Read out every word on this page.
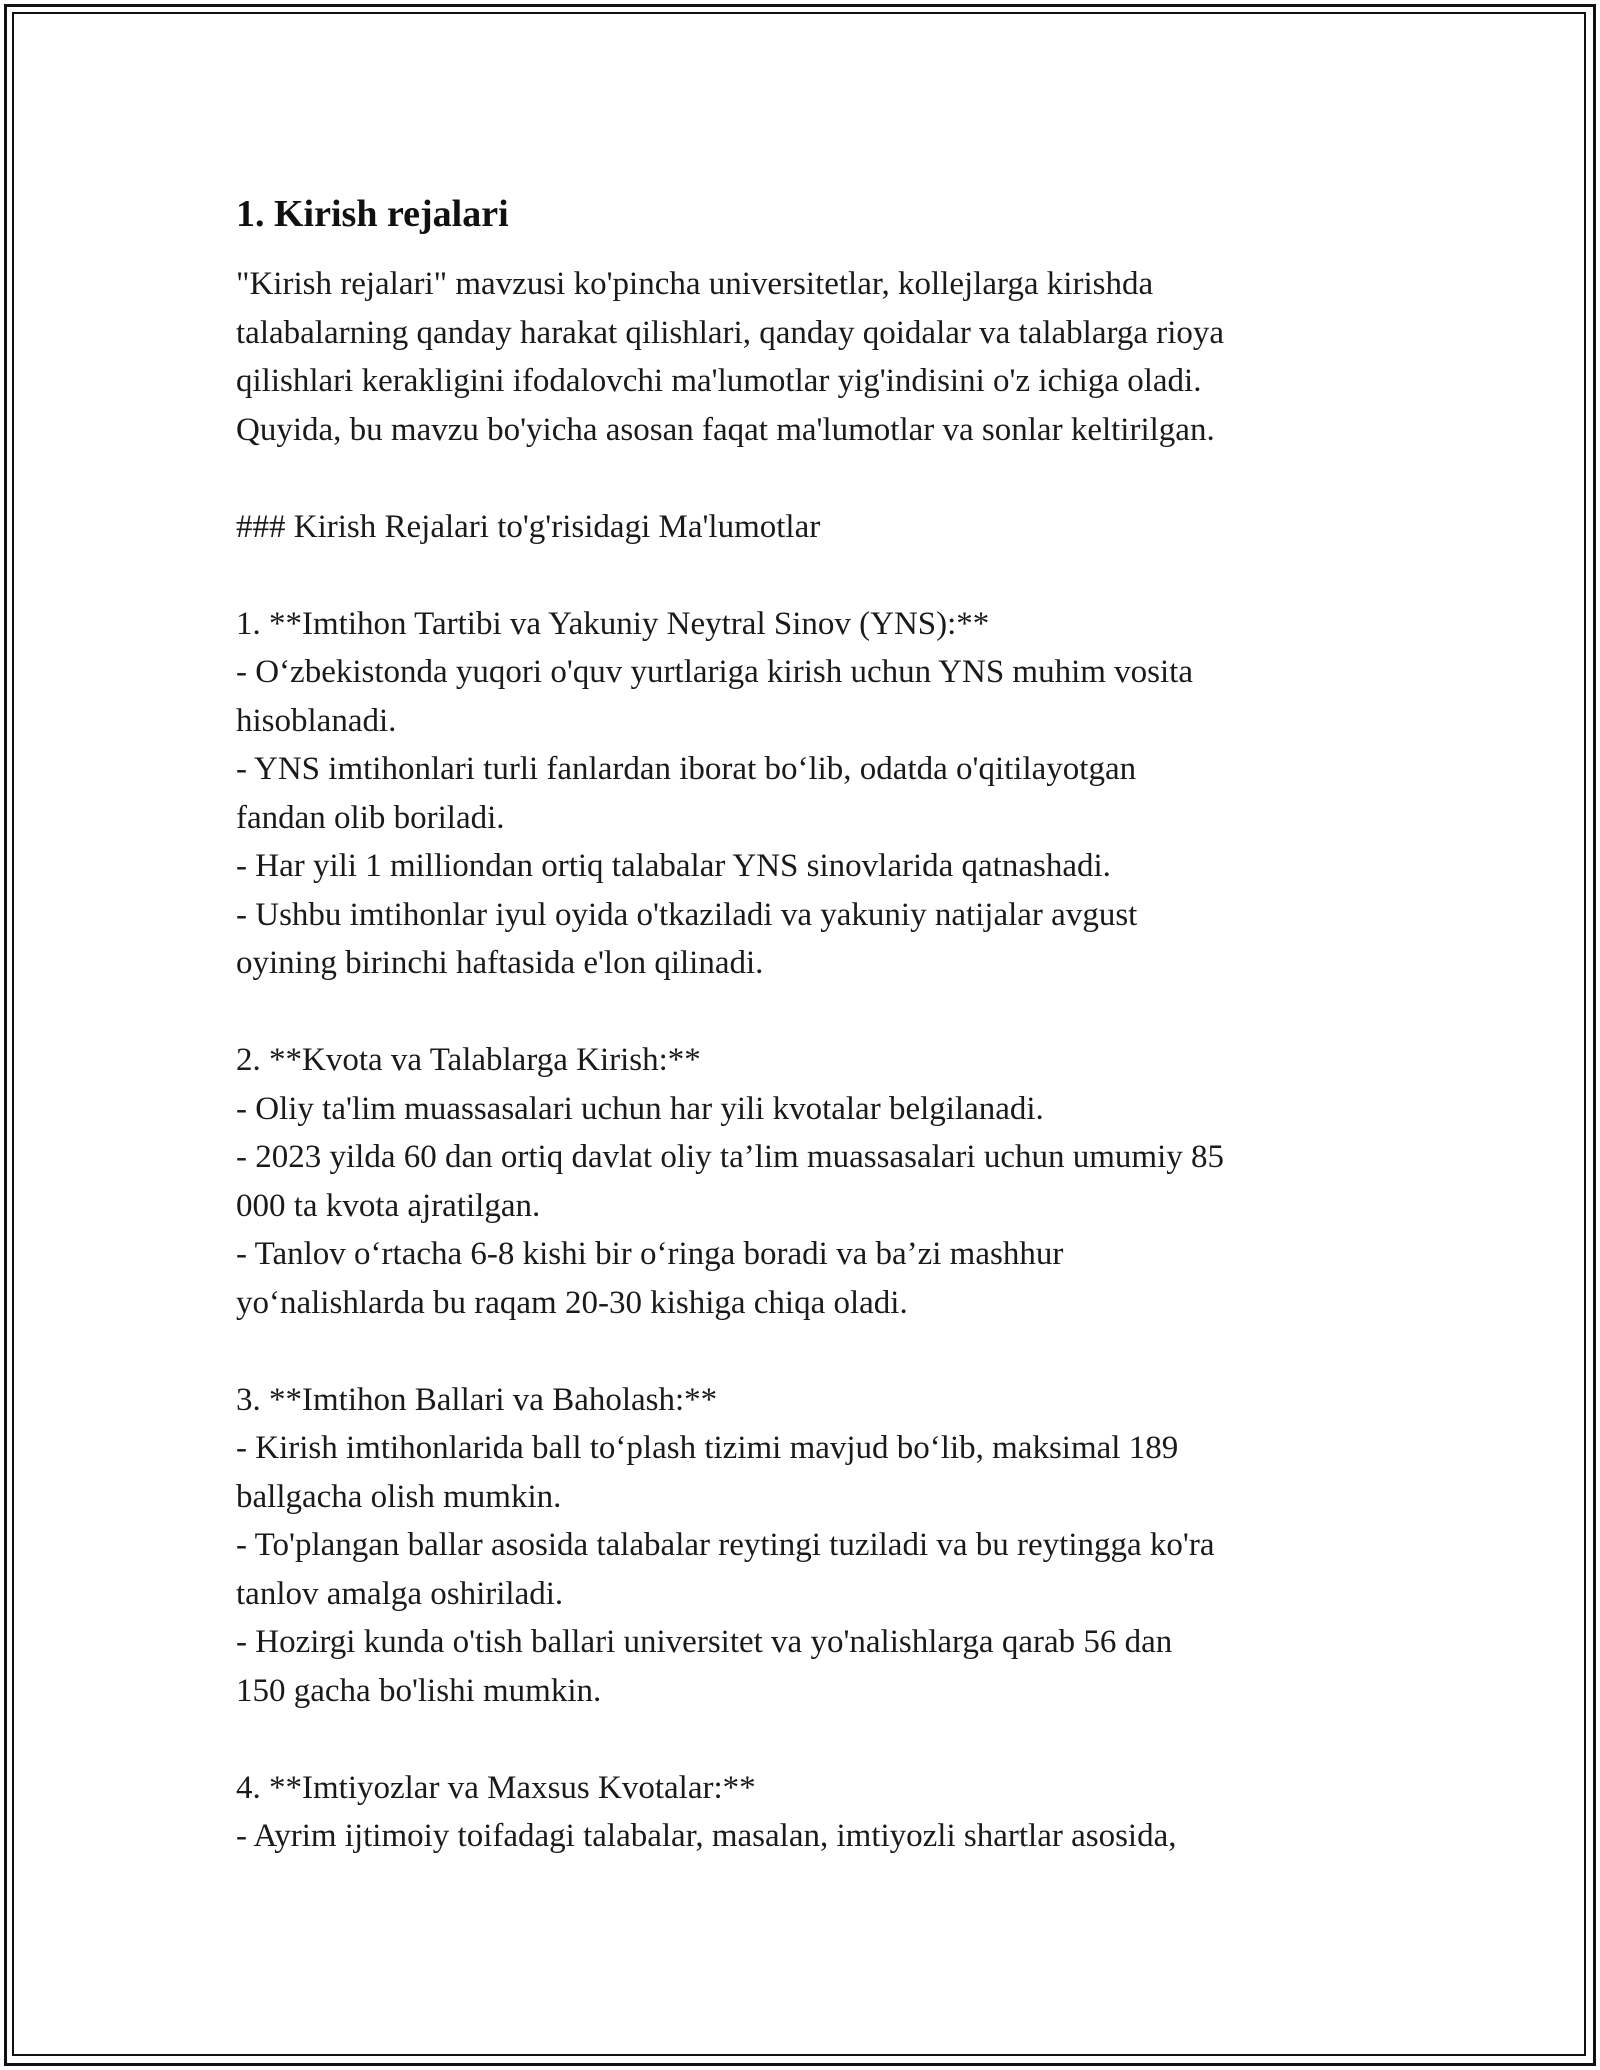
1. Kirish rejalari

"Kirish rejalari" mavzusi ko'pincha universitetlar, kollejlarga kirishda
talabalarning qanday harakat qilishlari, qanday qoidalar va talablarga rioya
qilishlari kerakligini ifodalovchi ma'lumotlar yig'indisini o'z ichiga oladi.
Quyida, bu mavzu bo'yicha asosan faqat ma'lumotlar va sonlar keltirilgan.

### Kirish Rejalari to'g'risidagi Ma'lumotlar

1. **Imtihon Tartibi va Yakuniy Neytral Sinov (YNS):**
- O‘zbekistonda yuqori o'quv yurtlariga kirish uchun YNS muhim vosita
hisoblanadi.
- YNS imtihonlari turli fanlardan iborat bo‘lib, odatda o'qitilayotgan
fandan olib boriladi.
- Har yili 1 milliondan ortiq talabalar YNS sinovlarida qatnashadi.
- Ushbu imtihonlar iyul oyida o'tkaziladi va yakuniy natijalar avgust
oyining birinchi haftasida e'lon qilinadi.

2. **Kvota va Talablarga Kirish:**
- Oliy ta'lim muassasalari uchun har yili kvotalar belgilanadi.
- 2023 yilda 60 dan ortiq davlat oliy ta’lim muassasalari uchun umumiy 85
000 ta kvota ajratilgan.
- Tanlov o‘rtacha 6-8 kishi bir o‘ringa boradi va ba’zi mashhur
yo‘nalishlarda bu raqam 20-30 kishiga chiqa oladi.

3. **Imtihon Ballari va Baholash:**
- Kirish imtihonlarida ball to‘plash tizimi mavjud bo‘lib, maksimal 189
ballgacha olish mumkin.
- To'plangan ballar asosida talabalar reytingi tuziladi va bu reytingga ko'ra
tanlov amalga oshiriladi.
- Hozirgi kunda o'tish ballari universitet va yo'nalishlarga qarab 56 dan
150 gacha bo'lishi mumkin.

4. **Imtiyozlar va Maxsus Kvotalar:**
- Ayrim ijtimoiy toifadagi talabalar, masalan, imtiyozli shartlar asosida,
